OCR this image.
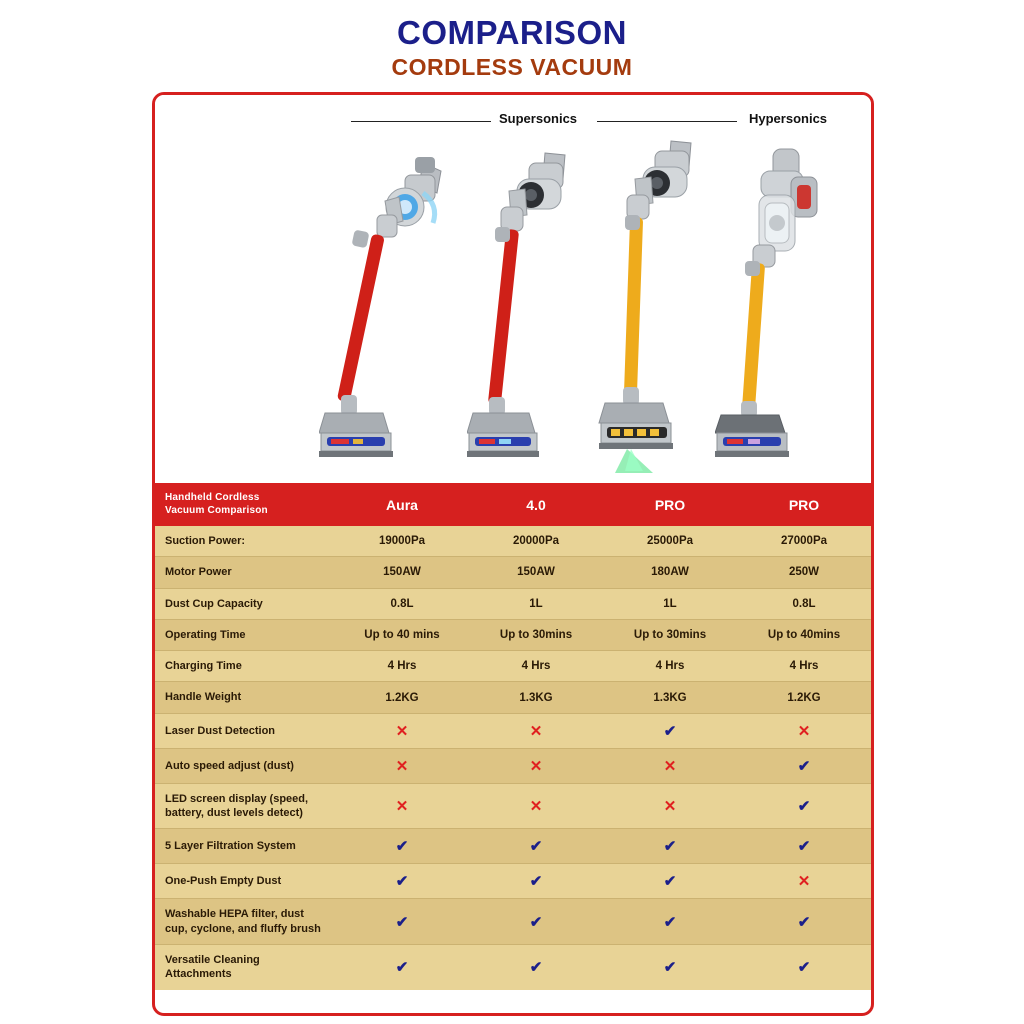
COMPARISON
CORDLESS VACUUM
Supersonics	Hypersonics
Handheld Cordless
Vacuum Comparison	Aura	4.0	PRO	PRO
Suction Power:	19000Pa	20000Pa	25000Pa	27000Pa
Motor Power	150AW	150AW	180AW	250W
Dust Cup Capacity	0.8L	1L	1L	0.8L
Operating Time	Up to 40 mins	Up to 30mins	Up to 30mins	Up to 40mins
Charging Time	4 Hrs	4 Hrs	4 Hrs	4 Hrs
Handle Weight	1.2KG	1.3KG	1.3KG	1.2KG
Laser Dust Detection	✕	✕	✔	✕
Auto speed adjust (dust)	✕	✕	✕	✔
LED screen display (speed, battery, dust levels detect)	✕	✕	✕	✔
5 Layer Filtration System	✔	✔	✔	✔
One-Push Empty Dust	✔	✔	✔	✕
Washable HEPA filter, dust cup, cyclone, and fluffy brush	✔	✔	✔	✔
Versatile Cleaning Attachments	✔	✔	✔	✔
